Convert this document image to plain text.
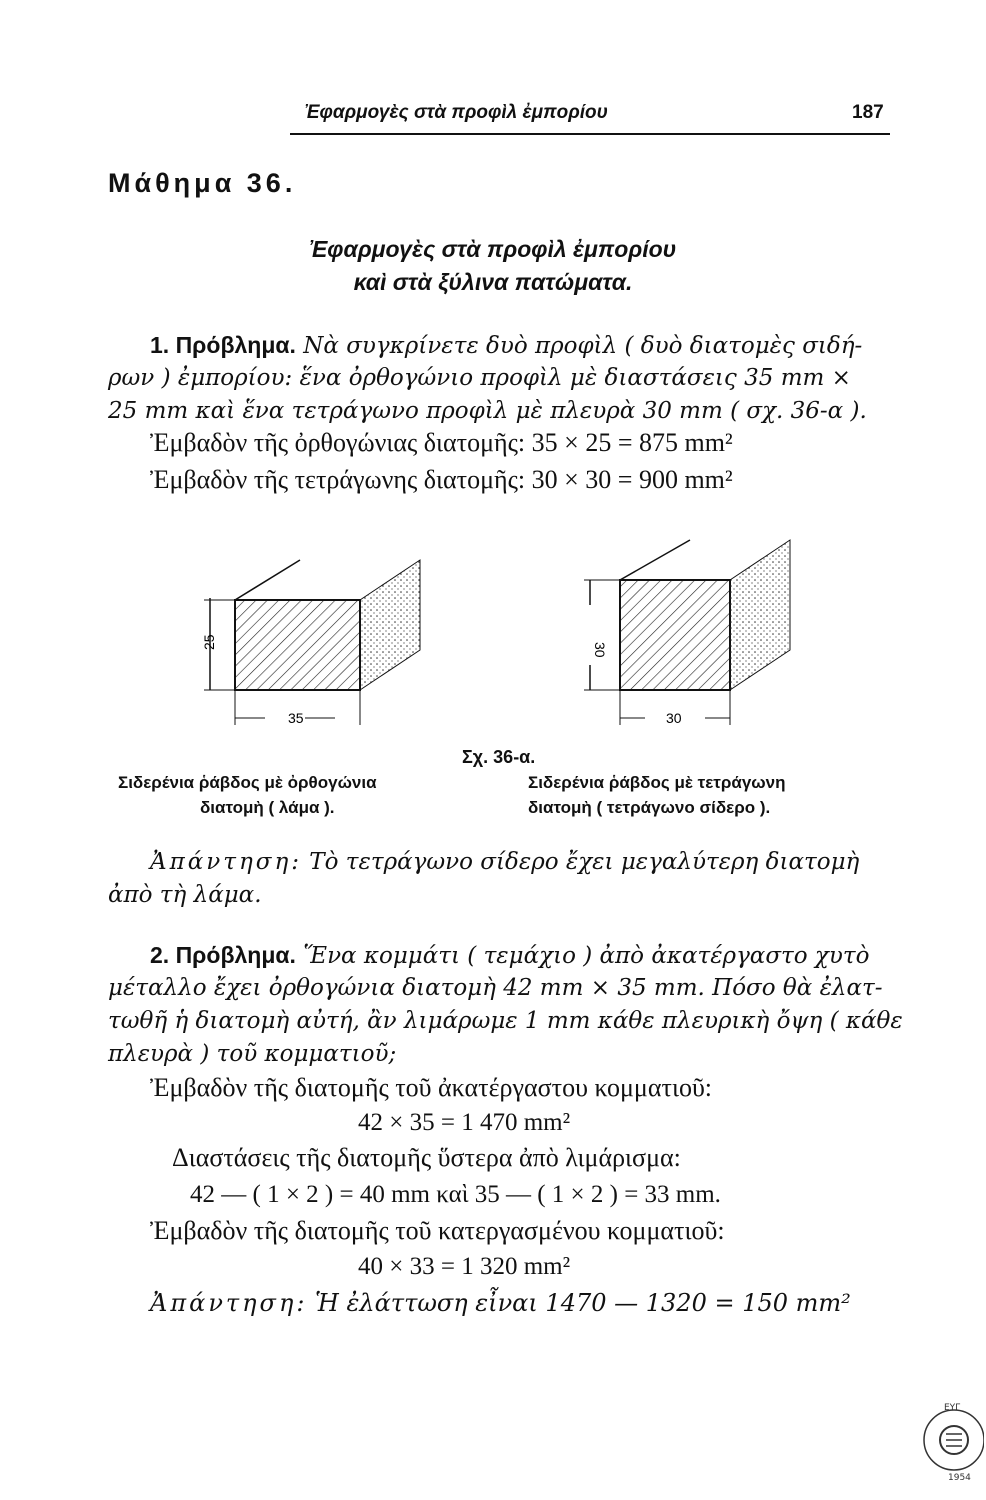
Ἐφαρμογὲς στὰ προφὶλ ἐμπορίου	187
Μάθημα 36.
Ἐφαρμογὲς στὰ προφὶλ ἐμπορίου
καὶ στὰ ξύλινα πατώματα.
1. Πρόβλημα. Νὰ συγκρίνετε δυὸ προφὶλ ( δυὸ διατομὲς σιδή-
ρων ) ἐμπορίου: ἕνα ὀρθογώνιο προφὶλ μὲ διαστάσεις 35 mm ×
25 mm καὶ ἕνα τετράγωνο προφὶλ μὲ πλευρὰ 30 mm ( σχ. 36-α ).
Ἐμβαδὸν τῆς ὀρθογώνιας διατομῆς: 35 × 25 = 875 mm²
Ἐμβαδὸν τῆς τετράγωνης διατομῆς: 30 × 30 = 900 mm²
25
35
30
30
Σχ. 36-α.
Σιδερένια ῥάβδος μὲ ὀρθογώνια
διατομὴ ( λάμα ).
Σιδερένια ῥάβδος μὲ τετράγωνη
διατομὴ ( τετράγωνο σίδερο ).
Ἀπάντηση: Τὸ τετράγωνο σίδερο ἔχει μεγαλύτερη διατομὴ
ἀπὸ τὴ λάμα.
2. Πρόβλημα. Ἕνα κομμάτι ( τεμάχιο ) ἀπὸ ἀκατέργαστο χυτὸ
μέταλλο ἔχει ὀρθογώνια διατομὴ 42 mm × 35 mm. Πόσο θὰ ἐλατ-
τωθῆ ἡ διατομὴ αὐτή, ἂν λιμάρωμε 1 mm κάθε πλευρικὴ ὄψη ( κάθε
πλευρὰ ) τοῦ κομματιοῦ;
Ἐμβαδὸν τῆς διατομῆς τοῦ ἀκατέργαστου κομματιοῦ:
42 × 35 = 1 470 mm²
Διαστάσεις τῆς διατομῆς ὕστερα ἀπὸ λιμάρισμα:
42 — ( 1 × 2 ) = 40 mm καὶ 35 — ( 1 × 2 ) = 33 mm.
Ἐμβαδὸν τῆς διατομῆς τοῦ κατεργασμένου κομματιοῦ:
40 × 33 = 1 320 mm²
Ἀπάντηση: Ἡ ἐλάττωση εἶναι 1470 — 1320 = 150 mm²
ΕΥΓ
1954
